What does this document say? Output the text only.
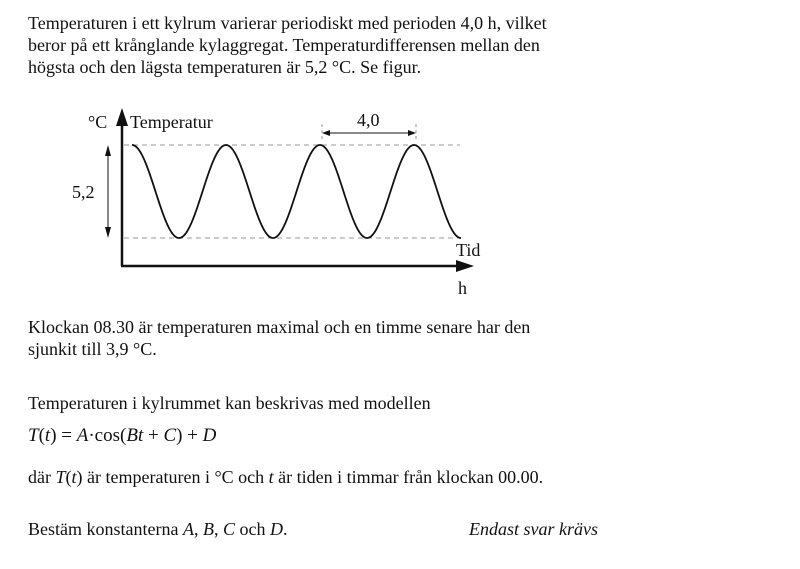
Temperaturen i ett kylrum varierar periodiskt med perioden 4,0 h, vilket
beror på ett krånglande kylaggregat. Temperaturdifferensen mellan den
högsta och den lägsta temperaturen är 5,2 °C. Se figur.

°C Temperatur	4,0
5,2
Tid
h

Klockan 08.30 är temperaturen maximal och en timme senare har den
sjunkit till 3,9 °C.

Temperaturen i kylrummet kan beskrivas med modellen

T(t) = A·cos(Bt + C) + D

där T(t) är temperaturen i °C och t är tiden i timmar från klockan 00.00.

Bestäm konstanterna A, B, C och D.	Endast svar krävs
